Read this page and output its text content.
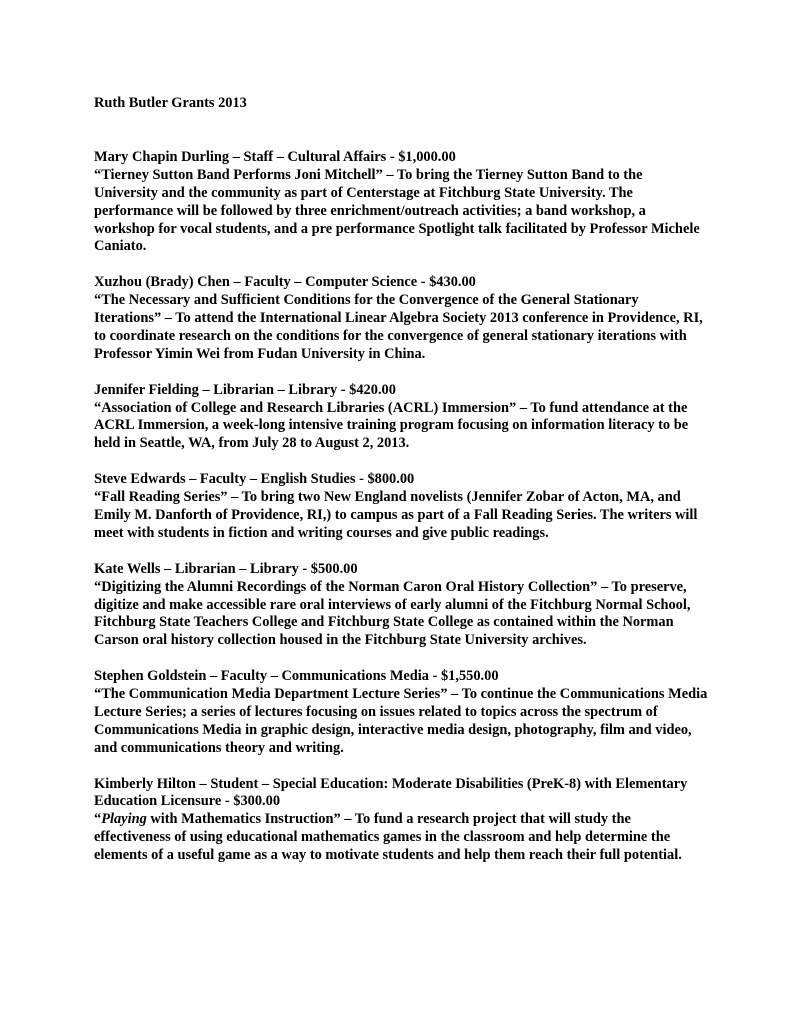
Ruth Butler Grants 2013

Mary Chapin Durling – Staff – Cultural Affairs - $1,000.00

“Tierney Sutton Band Performs Joni Mitchell” – To bring the Tierney Sutton Band to the University and the community as part of Centerstage at Fitchburg State University. The performance will be followed by three enrichment/outreach activities; a band workshop, a workshop for vocal students, and a pre performance Spotlight talk facilitated by Professor Michele Caniato.

Xuzhou (Brady) Chen – Faculty – Computer Science - $430.00

“The Necessary and Sufficient Conditions for the Convergence of the General Stationary Iterations” – To attend the International Linear Algebra Society 2013 conference in Providence, RI, to coordinate research on the conditions for the convergence of general stationary iterations with Professor Yimin Wei from Fudan University in China.

Jennifer Fielding – Librarian – Library - $420.00

“Association of College and Research Libraries (ACRL) Immersion” – To fund attendance at the ACRL Immersion, a week-long intensive training program focusing on information literacy to be held in Seattle, WA, from July 28 to August 2, 2013.

Steve Edwards – Faculty – English Studies - $800.00

“Fall Reading Series” – To bring two New England novelists (Jennifer Zobar of Acton, MA, and Emily M. Danforth of Providence, RI,) to campus as part of a Fall Reading Series. The writers will meet with students in fiction and writing courses and give public readings.

Kate Wells – Librarian – Library - $500.00

“Digitizing the Alumni Recordings of the Norman Caron Oral History Collection” – To preserve, digitize and make accessible rare oral interviews of early alumni of the Fitchburg Normal School, Fitchburg State Teachers College and Fitchburg State College as contained within the Norman Carson oral history collection housed in the Fitchburg State University archives.

Stephen Goldstein – Faculty – Communications Media - $1,550.00

“The Communication Media Department Lecture Series” – To continue the Communications Media Lecture Series; a series of lectures focusing on issues related to topics across the spectrum of Communications Media in graphic design, interactive media design, photography, film and video, and communications theory and writing.

Kimberly Hilton – Student – Special Education: Moderate Disabilities (PreK-8) with Elementary Education Licensure - $300.00

“Playing with Mathematics Instruction” – To fund a research project that will study the effectiveness of using educational mathematics games in the classroom and help determine the elements of a useful game as a way to motivate students and help them reach their full potential.
